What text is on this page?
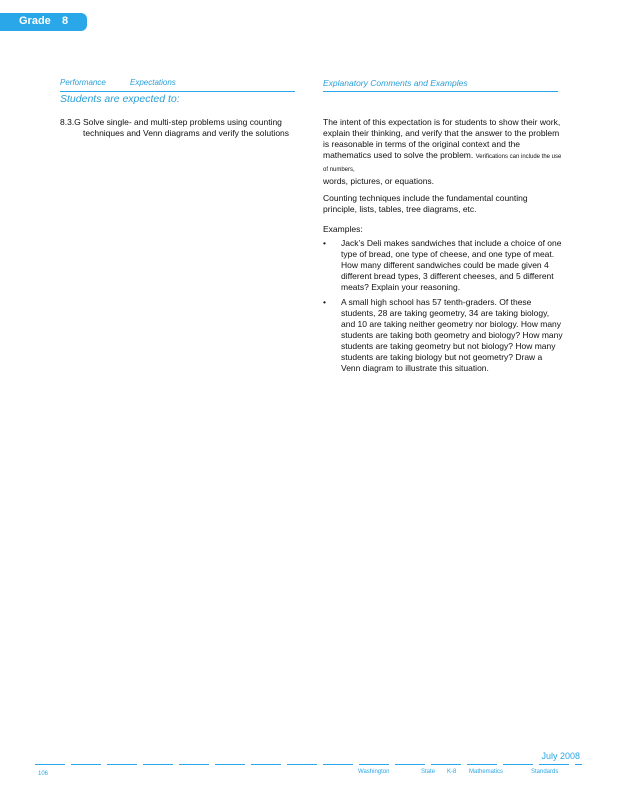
Grade 8
Performance	Expectations	Explanatory Comments and Examples
Students are expected to:
8.3.G Solve single- and multi-step problems using counting techniques and Venn diagrams and verify the solutions

The intent of this expectation is for students to show their work, explain their thinking, and verify that the answer to the problem is reasonable in terms of the original context and the mathematics used to solve the problem. Verifications can include the use of numbers,

words, pictures, or equations.

Counting techniques include the fundamental counting principle, lists, tables, tree diagrams, etc.
Examples:
• Jack’s Deli makes sandwiches that include a choice of one type of bread, one type of cheese, and one type of meat. How many different sandwiches could be made given 4 different bread types, 3 different cheeses, and 5 different meats? Explain your reasoning.
• A small high school has 57 tenth-graders. Of these students, 28 are taking geometry, 34 are taking biology, and 10 are taking neither geometry nor biology. How many students are taking both geometry and biology? How many students are taking geometry but not biology? How many students are taking biology but not geometry? Draw a Venn diagram to illustrate this situation.
July 2008
106	Washington	State K-8 Mathematics	Standards
